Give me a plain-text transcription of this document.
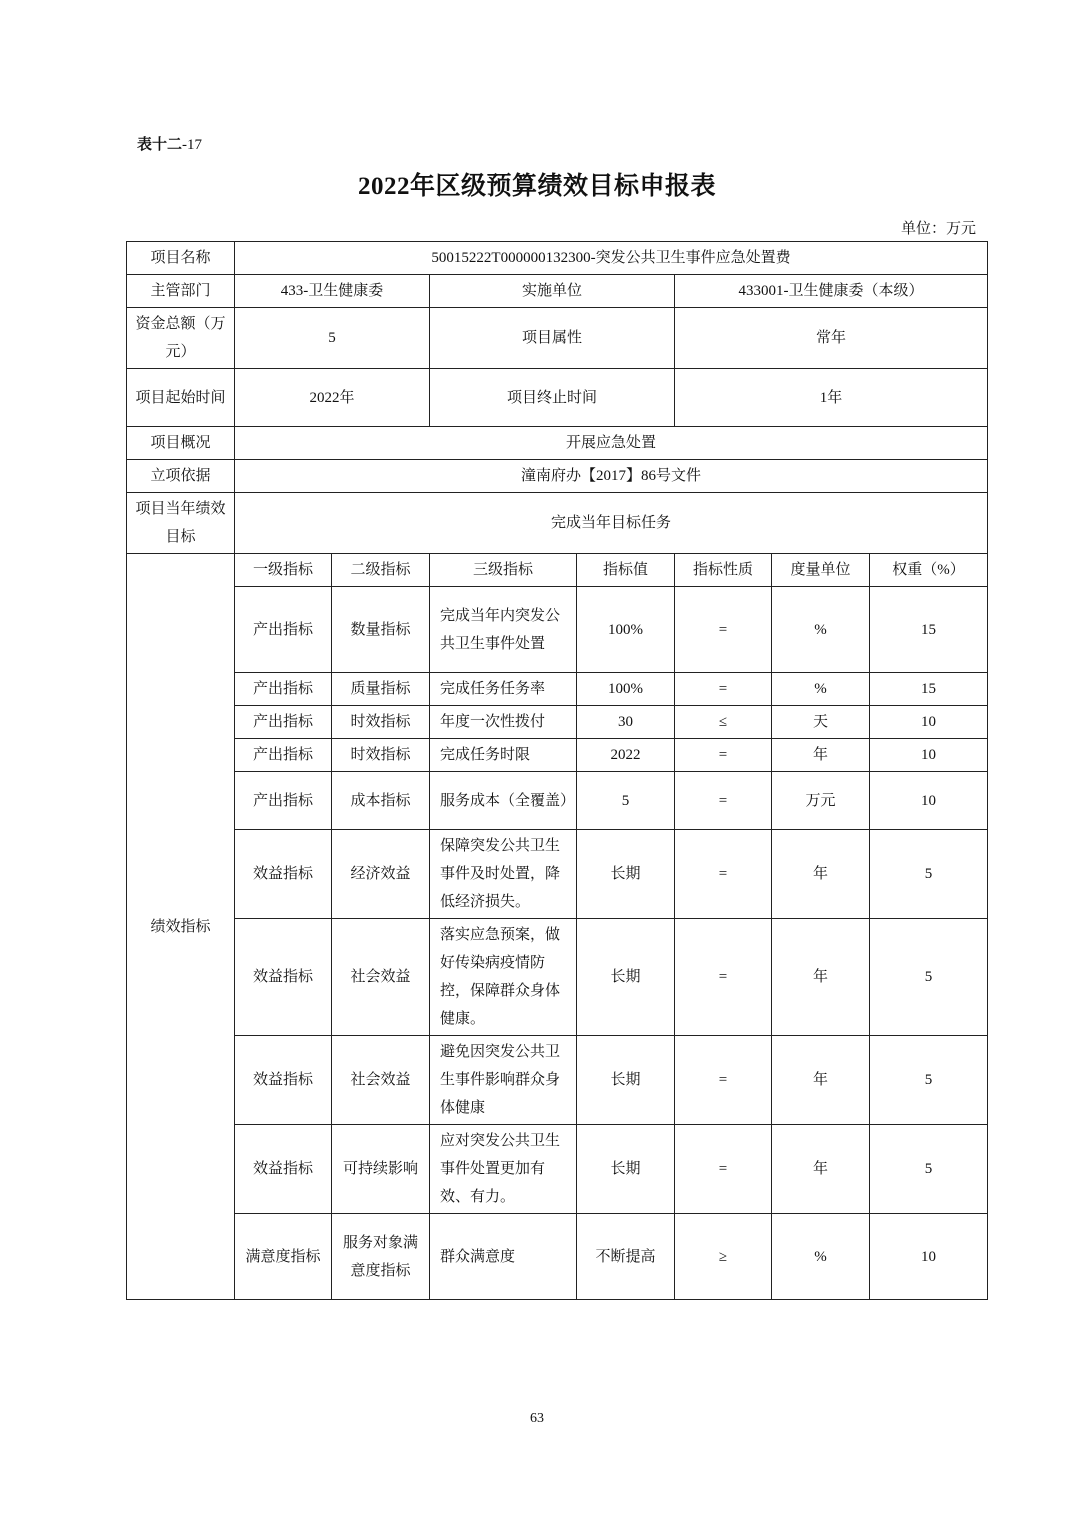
表十二-17
2022年区级预算绩效目标申报表
单位：万元
项目名称	50015222T000000132300-突发公共卫生事件应急处置费						
主管部门	433-卫生健康委		实施单位		433001-卫生健康委（本级）		
资金总额（万元）	5		项目属性		常年		
项目起始时间	2022年		项目终止时间		1年		
项目概况	开展应急处置						
立项依据	潼南府办【2017】86号文件						
项目当年绩效目标	完成当年目标任务						
绩效指标	一级指标	二级指标	三级指标	指标值	指标性质	度量单位	权重（%）
	产出指标	数量指标	完成当年内突发公共卫生事件处置	100%	=	%	15
	产出指标	质量指标	完成任务任务率	100%	=	%	15
	产出指标	时效指标	年度一次性拨付	30	≤	天	10
	产出指标	时效指标	完成任务时限	2022	=	年	10
	产出指标	成本指标	服务成本（全覆盖）	5	=	万元	10
	效益指标	经济效益	保障突发公共卫生事件及时处置，降低经济损失。	长期	=	年	5
	效益指标	社会效益	落实应急预案，做好传染病疫情防控，保障群众身体健康。	长期	=	年	5
	效益指标	社会效益	避免因突发公共卫生事件影响群众身体健康	长期	=	年	5
	效益指标	可持续影响	应对突发公共卫生事件处置更加有效、有力。	长期	=	年	5
	满意度指标	服务对象满意度指标	群众满意度	不断提高	≥	%	10
63
